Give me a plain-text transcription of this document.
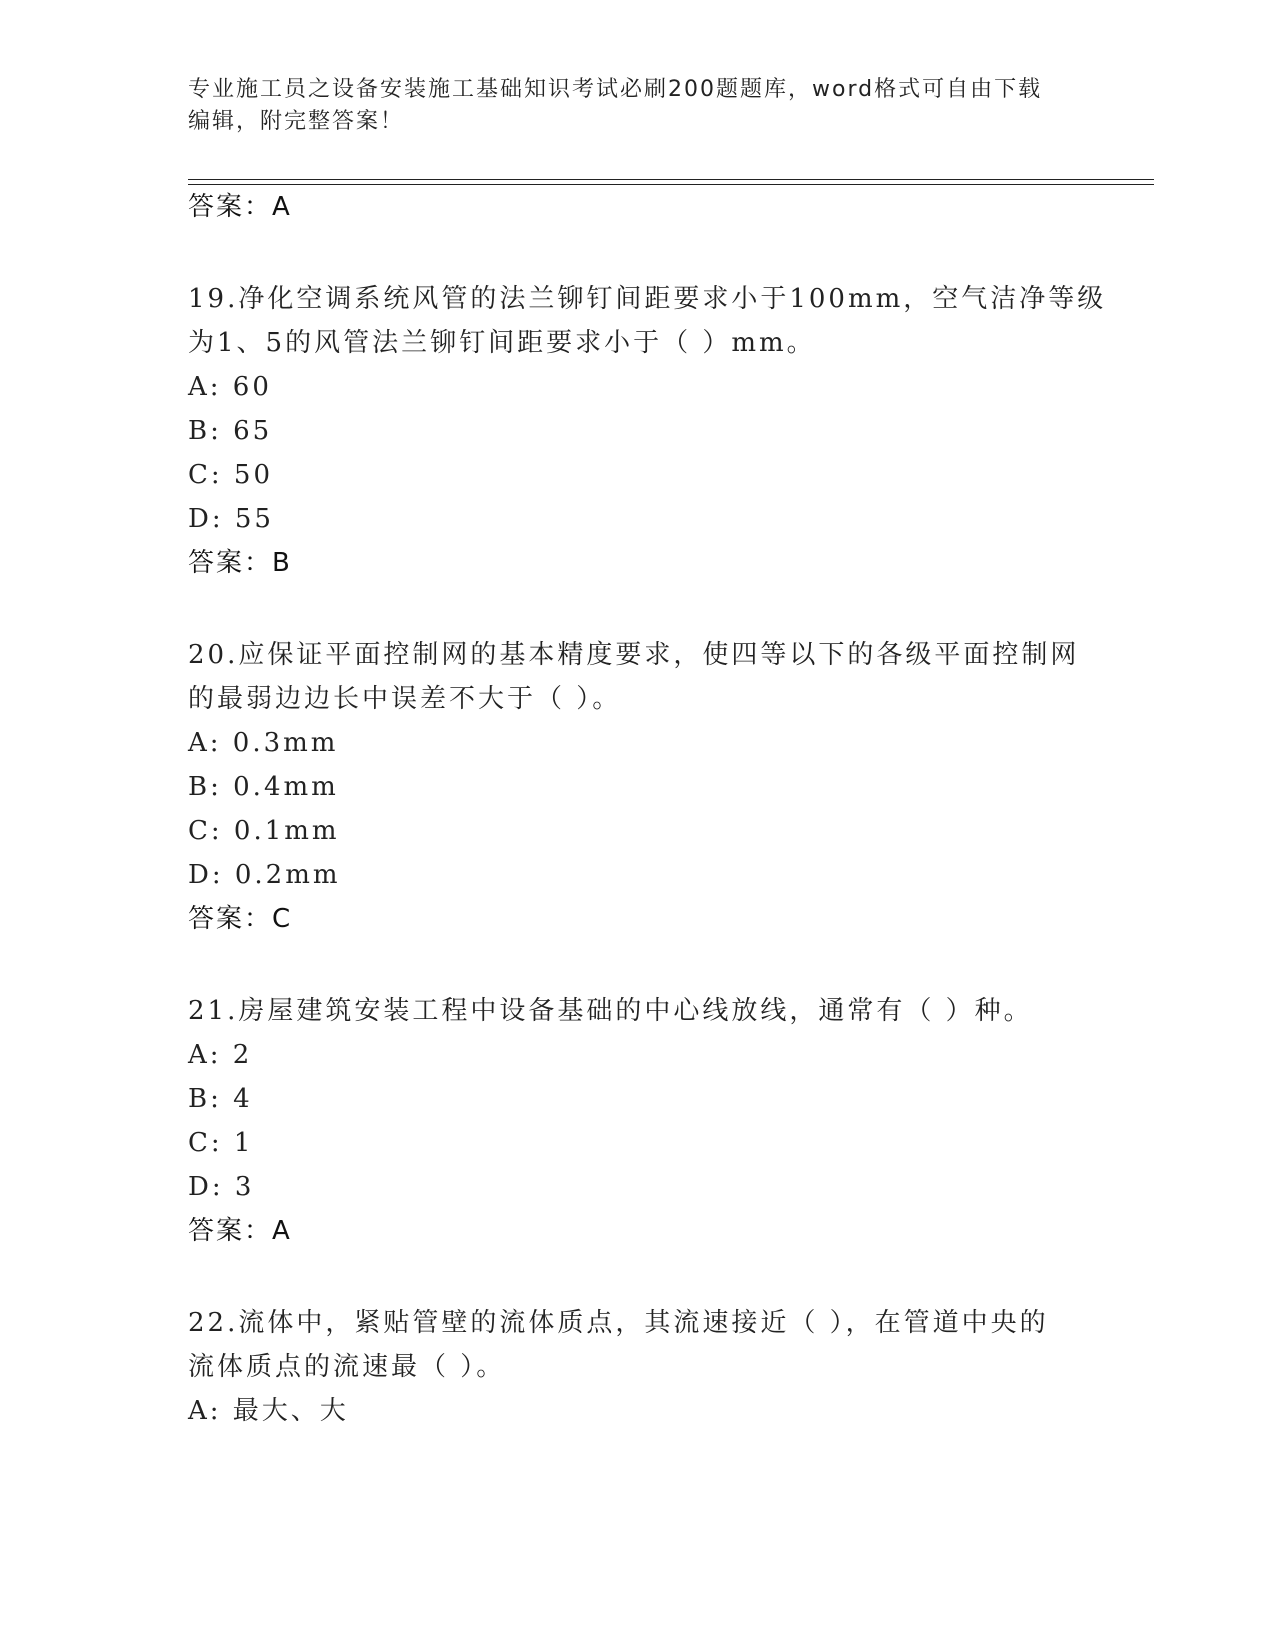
专业施工员之设备安装施工基础知识考试必刷200题题库，word格式可自由下载
编辑，附完整答案！
答案：A
19.净化空调系统风管的法兰铆钉间距要求小于100mm，空气洁净等级
为1、5的风管法兰铆钉间距要求小于（ ）mm。
A: 60
B: 65
C: 50
D: 55
答案：B
20.应保证平面控制网的基本精度要求，使四等以下的各级平面控制网
的最弱边边长中误差不大于（ ）。
A: 0.3mm
B: 0.4mm
C: 0.1mm
D: 0.2mm
答案：C
21.房屋建筑安装工程中设备基础的中心线放线，通常有（ ）种。
A: 2
B: 4
C: 1
D: 3
答案：A
22.流体中，紧贴管壁的流体质点，其流速接近（ ），在管道中央的
流体质点的流速最（ ）。
A: 最大、大
